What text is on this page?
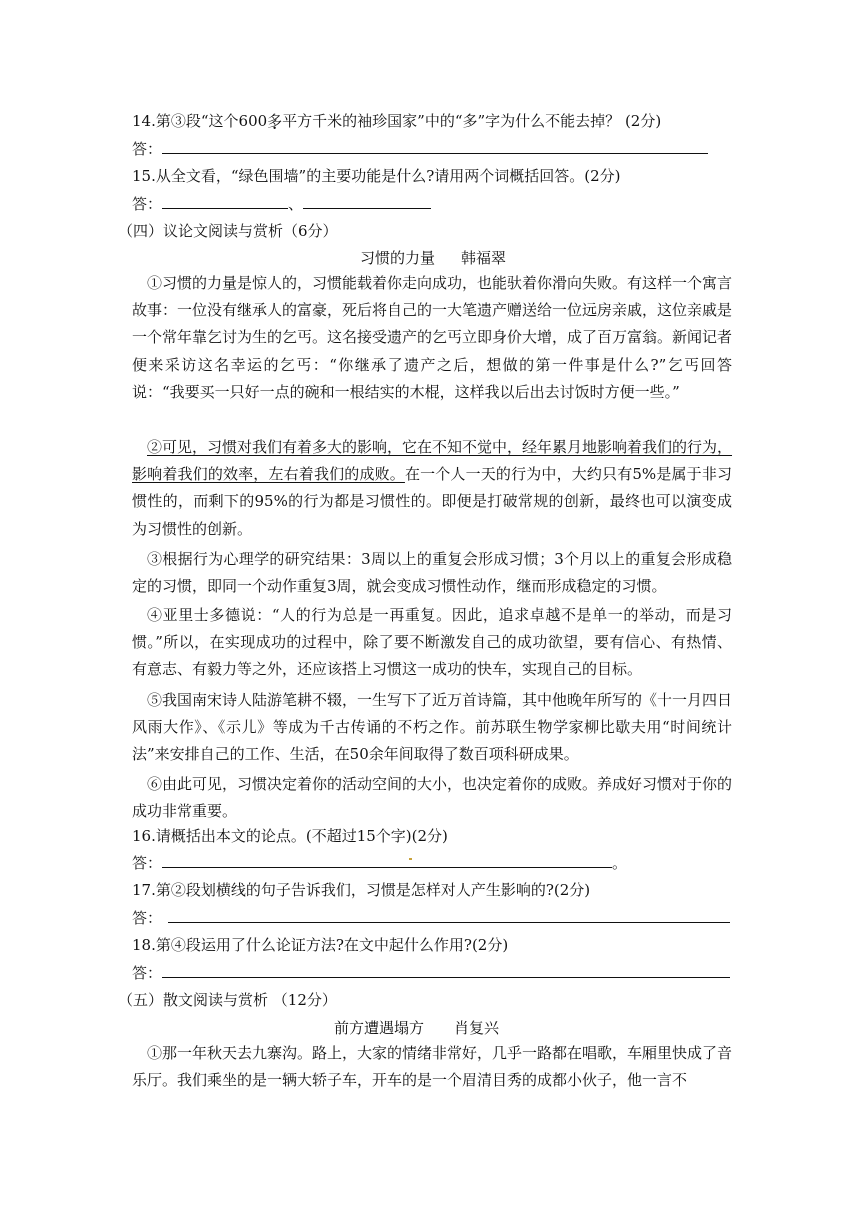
14.第③段“这个600多平方千米的袖珍国家”中的“多”字为什么不能去掉？ (2分)
答：
15.从全文看，“绿色围墙”的主要功能是什么?请用两个词概括回答。(2分)
答：	、
（四）议论文阅读与赏析（6分）
习惯的力量 韩福翠

①习惯的力量是惊人的，习惯能载着你走向成功，也能驮着你滑向失败。有这样一个寓言故事：一位没有继承人的富豪，死后将自己的一大笔遗产赠送给一位远房亲戚，这位亲戚是一个常年靠乞讨为生的乞丐。这名接受遗产的乞丐立即身价大增，成了百万富翁。新闻记者便来采访这名幸运的乞丐：“你继承了遗产之后，想做的第一件事是什么?”乞丐回答说：“我要买一只好一点的碗和一根结实的木棍，这样我以后出去讨饭时方便一些。”

②可见，习惯对我们有着多大的影响，它在不知不觉中，经年累月地影响着我们的行为，影响着我们的效率，左右着我们的成败。在一个人一天的行为中，大约只有5%是属于非习惯性的，而剩下的95%的行为都是习惯性的。即便是打破常规的创新，最终也可以演变成为习惯性的创新。

③根据行为心理学的研究结果：3周以上的重复会形成习惯；3个月以上的重复会形成稳定的习惯，即同一个动作重复3周，就会变成习惯性动作，继而形成稳定的习惯。

④亚里士多德说：“人的行为总是一再重复。因此，追求卓越不是单一的举动，而是习惯。”所以，在实现成功的过程中，除了要不断激发自己的成功欲望，要有信心、有热情、有意志、有毅力等之外，还应该搭上习惯这一成功的快车，实现自己的目标。

⑤我国南宋诗人陆游笔耕不辍，一生写下了近万首诗篇，其中他晚年所写的《十一月四日风雨大作》、《示儿》等成为千古传诵的不朽之作。前苏联生物学家柳比歇夫用“时间统计法”来安排自己的工作、生活，在50余年间取得了数百项科研成果。

⑥由此可见，习惯决定着你的活动空间的大小，也决定着你的成败。养成好习惯对于你的成功非常重要。

16.请概括出本文的论点。(不超过15个字)(2分)
答：	。
17.第②段划横线的句子告诉我们，习惯是怎样对人产生影响的?(2分)
答：
18.第④段运用了什么论证方法?在文中起什么作用?(2分)
答：
（五）散文阅读与赏析 （12分）
前方遭遇塌方 肖复兴

①那一年秋天去九寨沟。路上，大家的情绪非常好，几乎一路都在唱歌，车厢里快成了音乐厅。我们乘坐的是一辆大轿子车，开车的是一个眉清目秀的成都小伙子，他一言不
